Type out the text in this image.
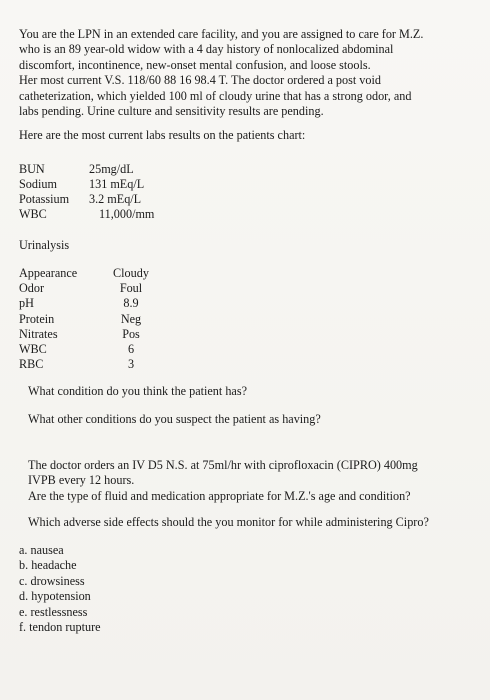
You are the LPN in an extended care facility, and you are assigned to care for M.Z.

who is an 89 year-old widow with a 4 day history of nonlocalized abdominal

discomfort, incontinence, new-onset mental confusion, and loose stools.

Her most current V.S. 118/60 88 16 98.4 T. The doctor ordered a post void

catheterization, which yielded 100 ml of cloudy urine that has a strong odor, and

labs pending. Urine culture and sensitivity results are pending.

Here are the most current labs results on the patients chart:
BUN	25mg/dL
Sodium	131 mEq/L
Potassium	3.2 mEq/L
WBC	11,000/mm
Urinalysis
Appearance	Cloudy
Odor	Foul
pH	8.9
Protein	Neg
Nitrates	Pos
WBC	6
RBC	3
What condition do you think the patient has?
What other conditions do you suspect the patient as having?

The doctor orders an IV D5 N.S. at 75ml/hr with ciprofloxacin (CIPRO) 400mg

IVPB every 12 hours.

Are the type of fluid and medication appropriate for M.Z.'s age and condition?

Which adverse side effects should the you monitor for while administering Cipro?
a. nausea
b. headache
c. drowsiness
d. hypotension
e. restlessness
f. tendon rupture
